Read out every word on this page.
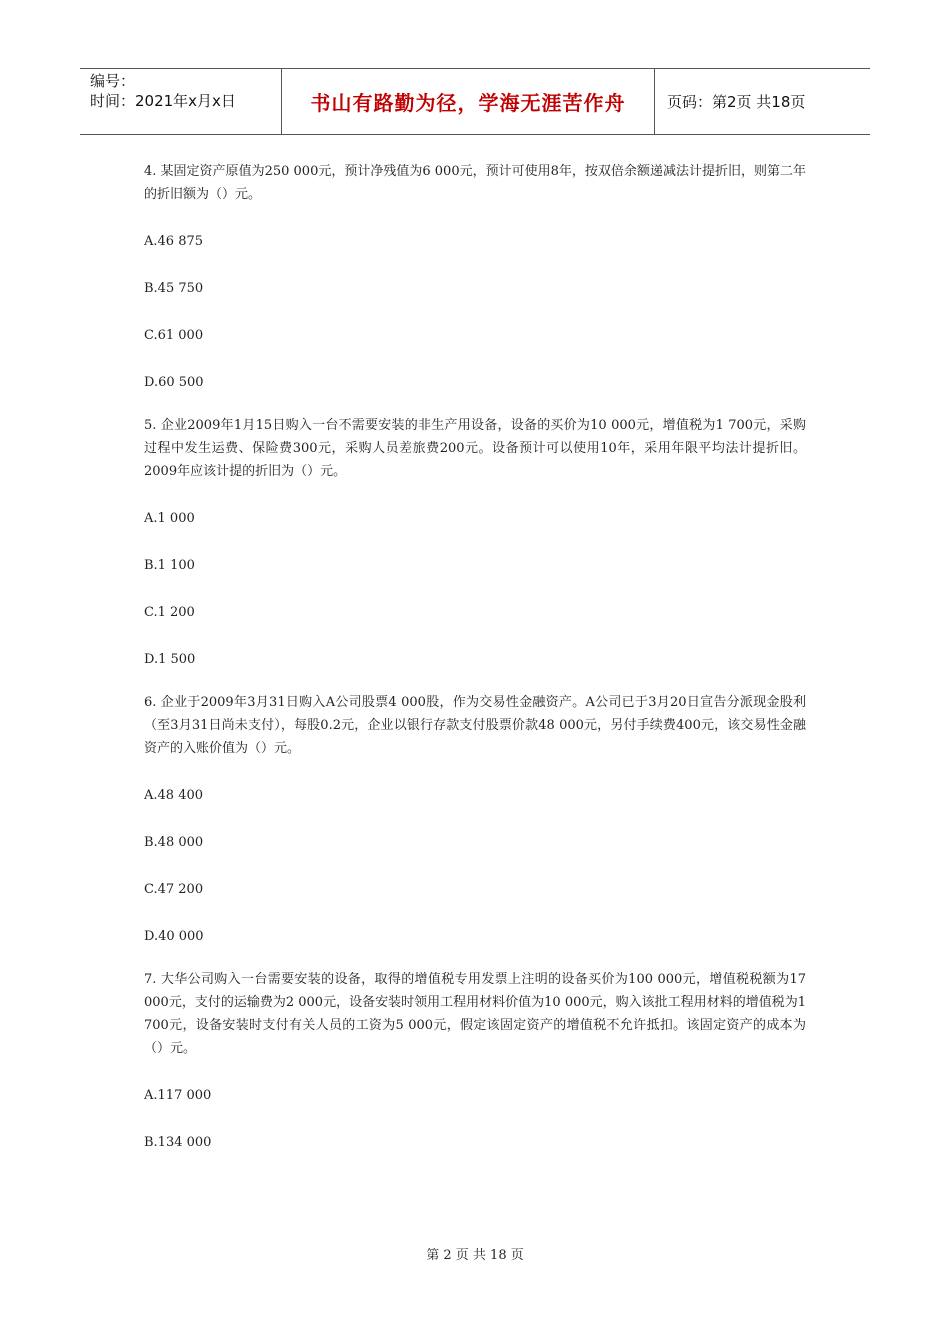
编号：
时间：2021年x月x日	书山有路勤为径，学海无涯苦作舟	页码：第2页 共18页

4. 某固定资产原值为250 000元，预计净残值为6 000元，预计可使用8年，按双倍余额递减法计提折旧，则第二年的折旧额为（）元。

A.46 875

B.45 750

C.61 000

D.60 500

5. 企业2009年1月15日购入一台不需要安装的非生产用设备，设备的买价为10 000元，增值税为1 700元，采购过程中发生运费、保险费300元，采购人员差旅费200元。设备预计可以使用10年，采用年限平均法计提折旧。2009年应该计提的折旧为（）元。

A.1 000

B.1 100

C.1 200

D.1 500

6. 企业于2009年3月31日购入A公司股票4 000股，作为交易性金融资产。A公司已于3月20日宣告分派现金股利（至3月31日尚未支付），每股0.2元，企业以银行存款支付股票价款48 000元，另付手续费400元，该交易性金融资产的入账价值为（）元。

A.48 400

B.48 000

C.47 200

D.40 000

7. 大华公司购入一台需要安装的设备，取得的增值税专用发票上注明的设备买价为100 000元，增值税税额为17 000元，支付的运输费为2 000元，设备安装时领用工程用材料价值为10 000元，购入该批工程用材料的增值税为1 700元，设备安装时支付有关人员的工资为5 000元，假定该固定资产的增值税不允许抵扣。该固定资产的成本为（）元。

A.117 000

B.134 000

第 2 页 共 18 页
